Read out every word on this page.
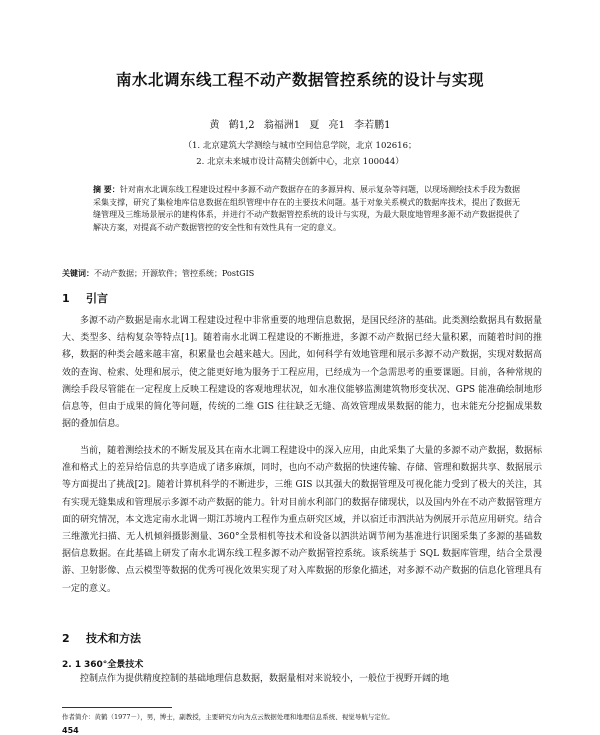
南水北调东线工程不动产数据管控系统的设计与实现
黄 鹤1,2 翁福洲1 夏 亮1 李若鹏1
（1. 北京建筑大学测绘与城市空间信息学院，北京 102616；
2. 北京未来城市设计高精尖创新中心，北京 100044）
摘 要：针对南水北调东线工程建设过程中多源不动产数据存在的多源异构、展示复杂等问题，以现场测绘技术手段为数据采集支撑，研究了集检地库信息数据在组织管理中存在的主要技术问题。基于对象关系模式的数据库技术，提出了数据无缝管理及三维场景展示的建构体系，并进行不动产数据管控系统的设计与实现，为最大限度地管理多源不动产数据提供了解决方案，对提高不动产数据管控的安全性和有效性具有一定的意义。
关键词：不动产数据；开源软件；管控系统；PostGIS
1 引言
多源不动产数据是南水北调工程建设过程中非常重要的地理信息数据，是国民经济的基础。此类测绘数据具有数据量大、类型多、结构复杂等特点[1]。随着南水北调工程建设的不断推进，多源不动产数据已经大量积累，而随着时间的推移，数据的种类会越来越丰富，积累量也会越来越大。因此，如何科学有效地管理和展示多源不动产数据，实现对数据高效的查询、检索、处理和展示，使之能更好地为服务于工程应用，已经成为一个急需思考的重要课题。目前，各种常规的测绘手段尽管能在一定程度上反映工程建设的客观地理状况，如水准仪能够监测建筑物形变状况、GPS 能准确绘制地形信息等，但由于成果的简化等问题，传统的二维 GIS 往往缺乏无缝、高效管理成果数据的能力，也未能充分挖掘成果数据的叠加信息。
当前，随着测绘技术的不断发展及其在南水北调工程建设中的深入应用，由此采集了大量的多源不动产数据，数据标准和格式上的差异给信息的共享造成了诸多麻烦，同时，也向不动产数据的快速传输、存储、管理和数据共享、数据展示等方面提出了挑战[2]。随着计算机科学的不断进步，三维 GIS 以其强大的数据管理及可视化能力受到了极大的关注，其有实现无缝集成和管理展示多源不动产数据的能力。针对目前水利部门的数据存储现状，以及国内外在不动产数据管理方面的研究情况，本文选定南水北调一期江苏境内工程作为重点研究区域，并以宿迁市泗洪站为例展开示范应用研究。结合三维激光扫描、无人机倾斜摄影测量、360°全景相机等技术和设备以泗洪站调节闸为基准进行识图采集了多源的基础数据信息数据。在此基础上研发了南水北调东线工程多源不动产数据管控系统。该系统基于 SQL 数据库管理，结合全景漫游、卫射影像、点云模型等数据的优秀可视化效果实现了对入库数据的形象化描述，对多源不动产数据的信息化管理具有一定的意义。
2 技术和方法
2. 1 360°全景技术
控制点作为提供精度控制的基础地理信息数据，数据量相对来说较小，一般位于视野开阔的地
作者简介：黄鹤（1977－），男，博士，副教授，主要研究方向为点云数据处理和地理信息系统、视觉导航与定位。
454
